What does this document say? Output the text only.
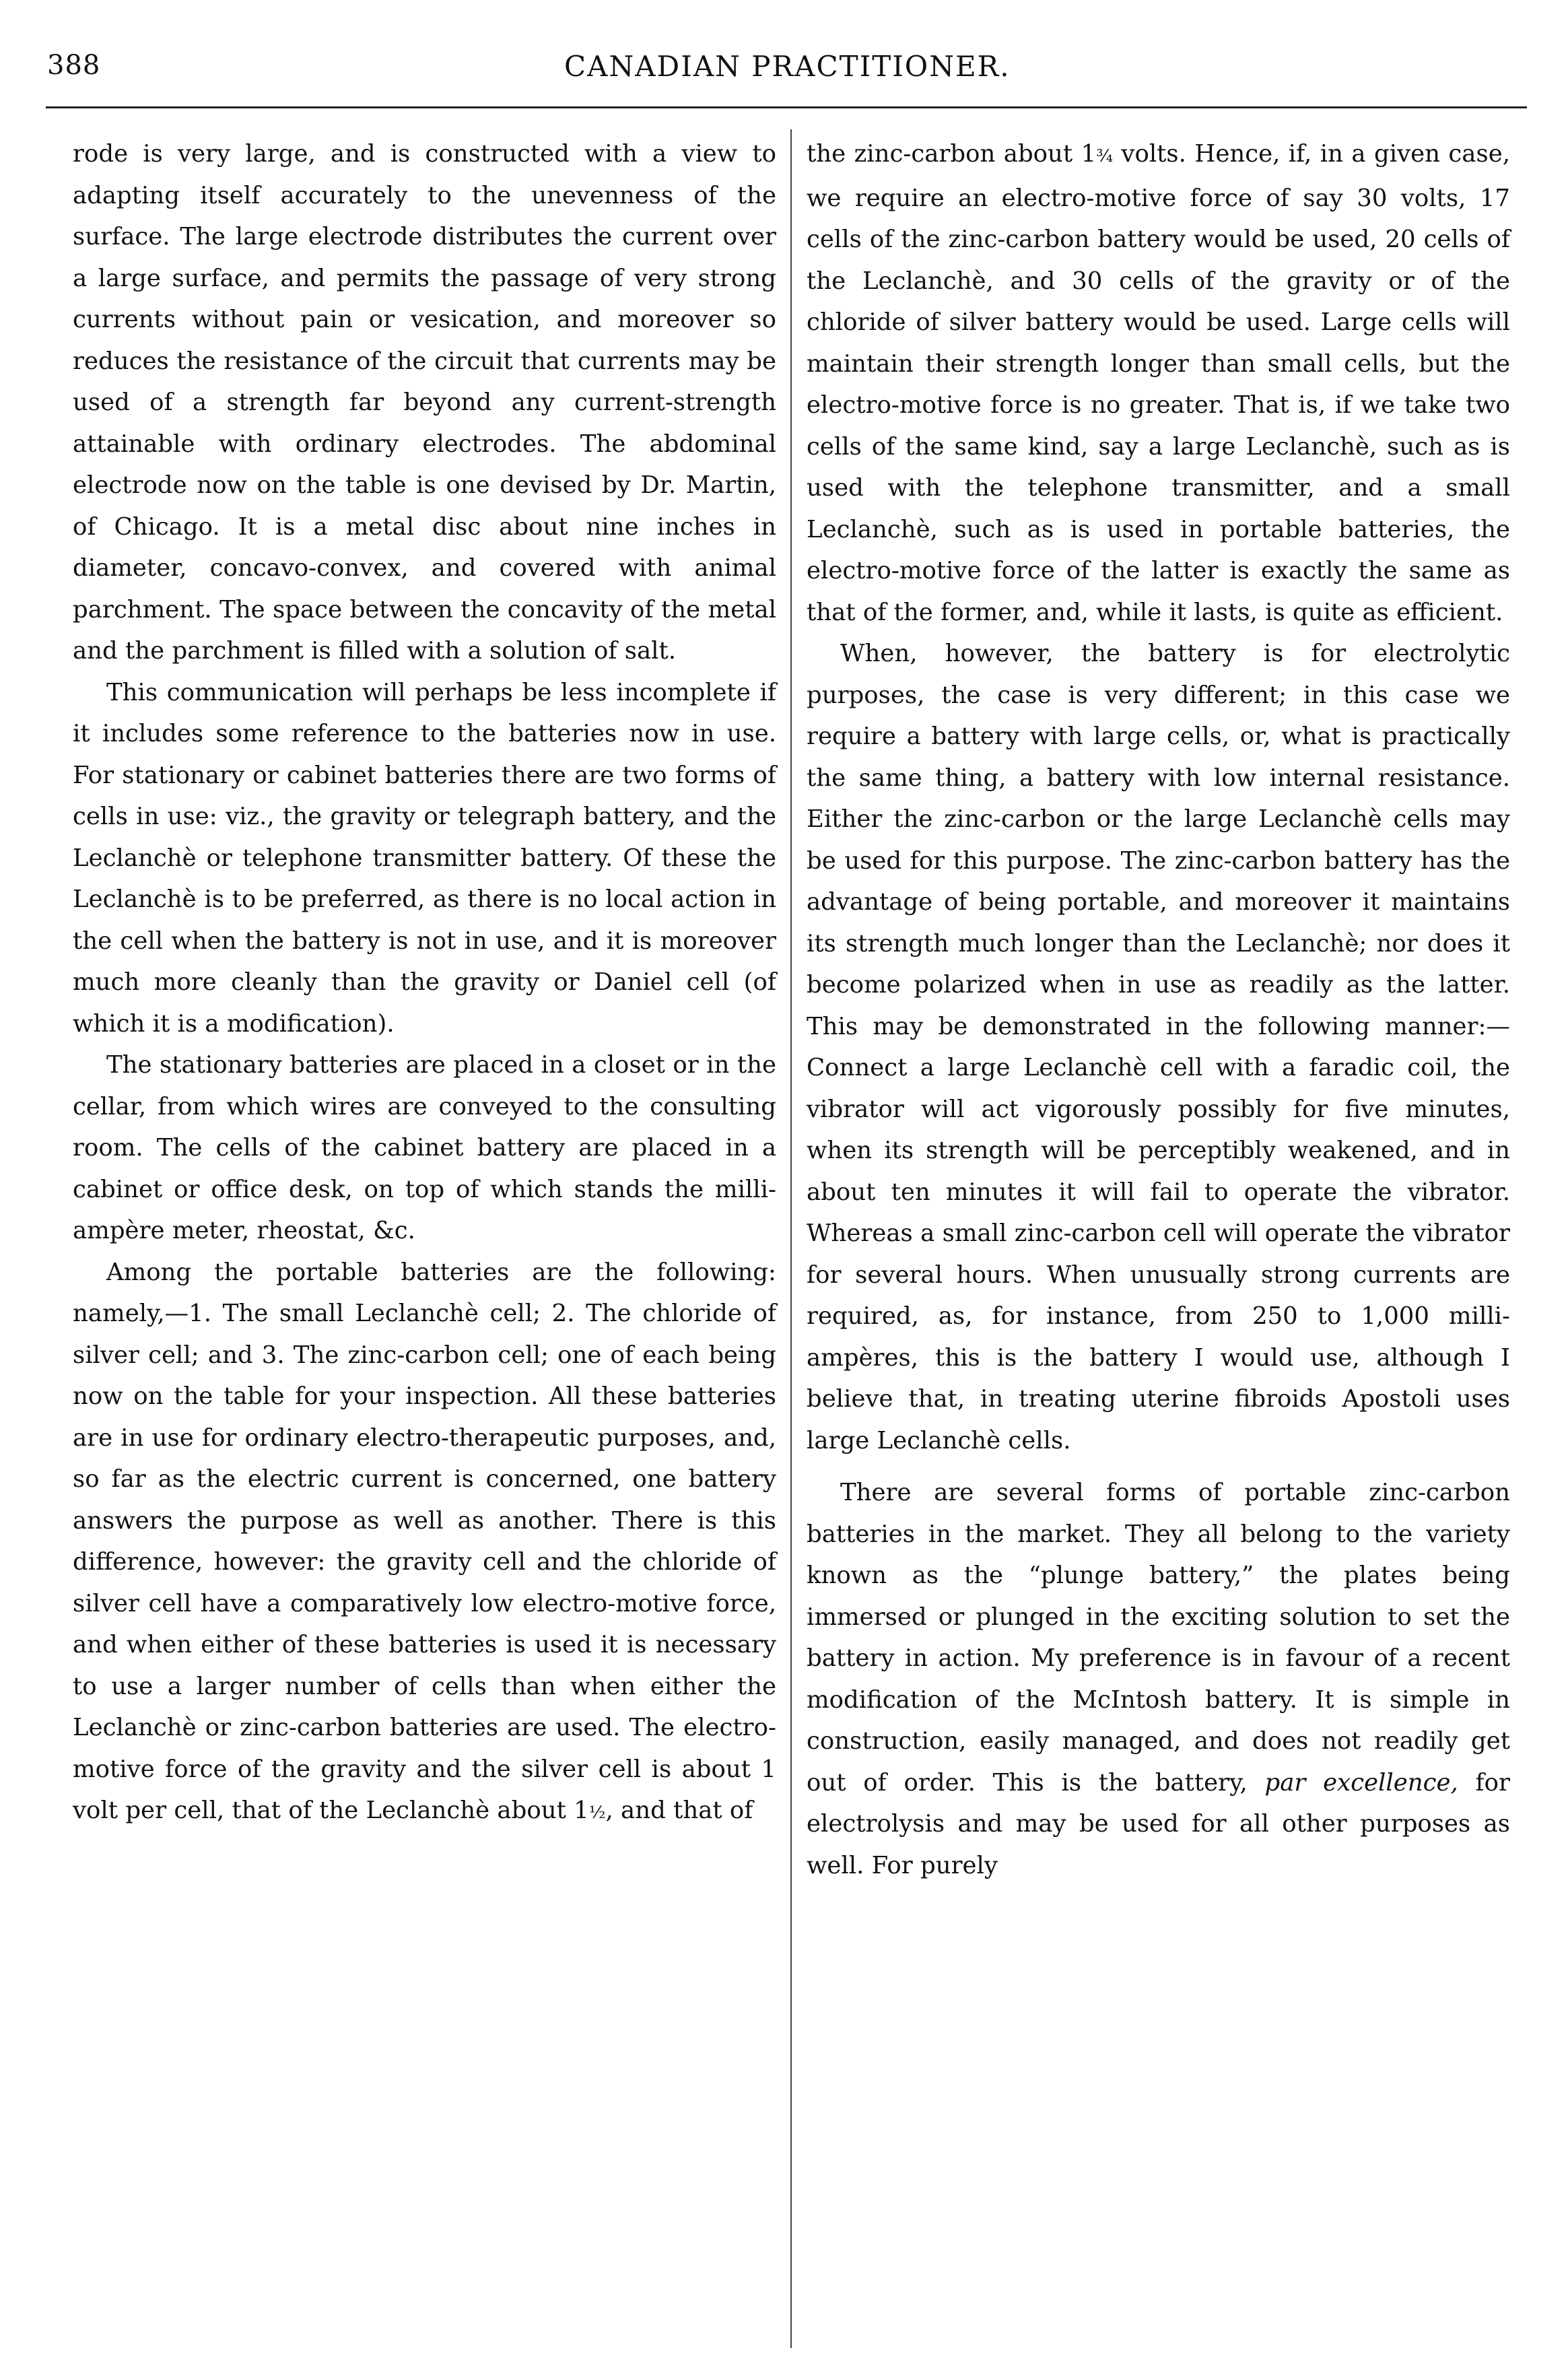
388	CANADIAN PRACTITIONER.

rode is very large, and is constructed with a view to adapting itself accurately to the unevenness of the surface. The large electrode distributes the current over a large surface, and permits the passage of very strong currents without pain or vesication, and moreover so reduces the resistance of the circuit that currents may be used of a strength far beyond any current-strength attainable with ordinary electrodes. The abdominal electrode now on the table is one devised by Dr. Martin, of Chicago. It is a metal disc about nine inches in diameter, concavo-convex, and covered with animal parchment. The space between the concavity of the metal and the parchment is filled with a solution of salt.

This communication will perhaps be less incomplete if it includes some reference to the batteries now in use. For stationary or cabinet batteries there are two forms of cells in use: viz., the gravity or telegraph battery, and the Leclanchè or telephone transmitter battery. Of these the Leclanchè is to be preferred, as there is no local action in the cell when the battery is not in use, and it is moreover much more cleanly than the gravity or Daniel cell (of which it is a modification).

The stationary batteries are placed in a closet or in the cellar, from which wires are conveyed to the consulting room. The cells of the cabinet battery are placed in a cabinet or office desk, on top of which stands the milli-ampère meter, rheostat, &c.

Among the portable batteries are the following: namely,—1. The small Leclanchè cell; 2. The chloride of silver cell; and 3. The zinc-carbon cell; one of each being now on the table for your inspection. All these batteries are in use for ordinary electro-therapeutic purposes, and, so far as the electric current is concerned, one battery answers the purpose as well as another. There is this difference, however: the gravity cell and the chloride of silver cell have a comparatively low electro-motive force, and when either of these batteries is used it is necessary to use a larger number of cells than when either the Leclanchè or zinc-carbon batteries are used. The electro-motive force of the gravity and the silver cell is about 1 volt per cell, that of the Leclanchè about 1½, and that of

the zinc-carbon about 1¾ volts. Hence, if, in a given case, we require an electro-motive force of say 30 volts, 17 cells of the zinc-carbon battery would be used, 20 cells of the Leclanchè, and 30 cells of the gravity or of the chloride of silver battery would be used. Large cells will maintain their strength longer than small cells, but the electro-motive force is no greater. That is, if we take two cells of the same kind, say a large Leclanchè, such as is used with the telephone transmitter, and a small Leclanchè, such as is used in portable batteries, the electro-motive force of the latter is exactly the same as that of the former, and, while it lasts, is quite as efficient.

When, however, the battery is for electrolytic purposes, the case is very different; in this case we require a battery with large cells, or, what is practically the same thing, a battery with low internal resistance. Either the zinc-carbon or the large Leclanchè cells may be used for this purpose. The zinc-carbon battery has the advantage of being portable, and moreover it maintains its strength much longer than the Leclanchè; nor does it become polarized when in use as readily as the latter. This may be demonstrated in the following manner:—Connect a large Leclanchè cell with a faradic coil, the vibrator will act vigorously possibly for five minutes, when its strength will be perceptibly weakened, and in about ten minutes it will fail to operate the vibrator. Whereas a small zinc-carbon cell will operate the vibrator for several hours. When unusually strong currents are required, as, for instance, from 250 to 1,000 milli-ampères, this is the battery I would use, although I believe that, in treating uterine fibroids Apostoli uses large Leclanchè cells.

There are several forms of portable zinc-carbon batteries in the market. They all belong to the variety known as the “plunge battery,” the plates being immersed or plunged in the exciting solution to set the battery in action. My preference is in favour of a recent modification of the McIntosh battery. It is simple in construction, easily managed, and does not readily get out of order. This is the battery, par excellence, for electrolysis and may be used for all other purposes as well. For purely
